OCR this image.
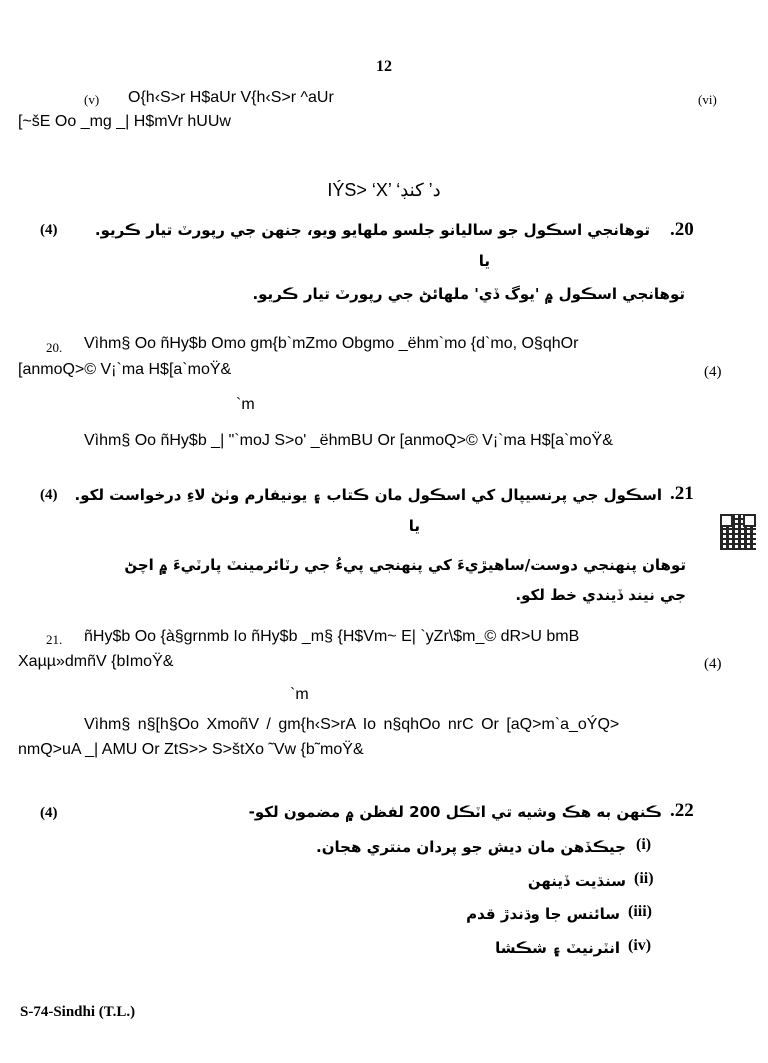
12
(v) O{h‹S>r H$aUr V{h‹S>r ^aUr	(vi)
[~šE Oo _mg _| H$mVr hUUw
IÝS> ‘X’ ‘د’ کنڊ
(4)	توهانجي اسڪول جو ساليانو جلسو ملهايو ويو، جنهن جي رپورٽ تيار ڪريو. .20
يا
توهانجي اسڪول ۾ 'يوگ ڏي' ملهائڻ جي رپورٽ تيار ڪريو.
20. Vìhm§ Oo ñHy$b Omo gm{b`mZmo Obgmo _ëhm`mo {d`mo, O§qhOr
[anmoQ>© V¡`ma H$[a`moŸ&	(4)
`m
Vìhm§ Oo ñHy$b _| "`moJ S>o' _ëhmBU Or [anmoQ>© V¡`ma H$[a`moŸ&
(4) اسڪول جي پرنسيپال کي اسڪول مان ڪتاب ۽ يونيفارم وٺڻ لاءِ درخواست لکو. .21
يا
توهان پنهنجي دوست/ساهيڙيءَ کي پنهنجي پيءُ جي رٽائرمينٽ پارٽيءَ ۾ اچڻ
جي نيند ڏيندي خط لکو.
21. ñHy$b Oo {à§grnmb Io ñHy$b _m§ {H$Vm~ E| `yZr\$m_© dR>U bmB
Xaµµ»dmñV {bImoŸ&	(4)
`m
Vìhm§ n§[h§Oo XmoñV / gm{h‹S>rA Io n§qhOo nrC Or [aQ>m`a_oÝQ>
nmQ>uA _| AMU Or ZtS>> S>štXo ˜Vw {b˜moŸ&
(4)	ڪنهن به هڪ وشيه تي اٽڪل 200 لفظن ۾ مضمون لکو- .22
جيڪڏهن مان ديش جو پردان منتري هجان. (i)
سنڌيت ڏينهن (ii)
سائنس جا وڌندڙ قدم (iii)
انٽرنيٽ ۽ شڪشا (iv)
S-74-Sindhi (T.L.)
